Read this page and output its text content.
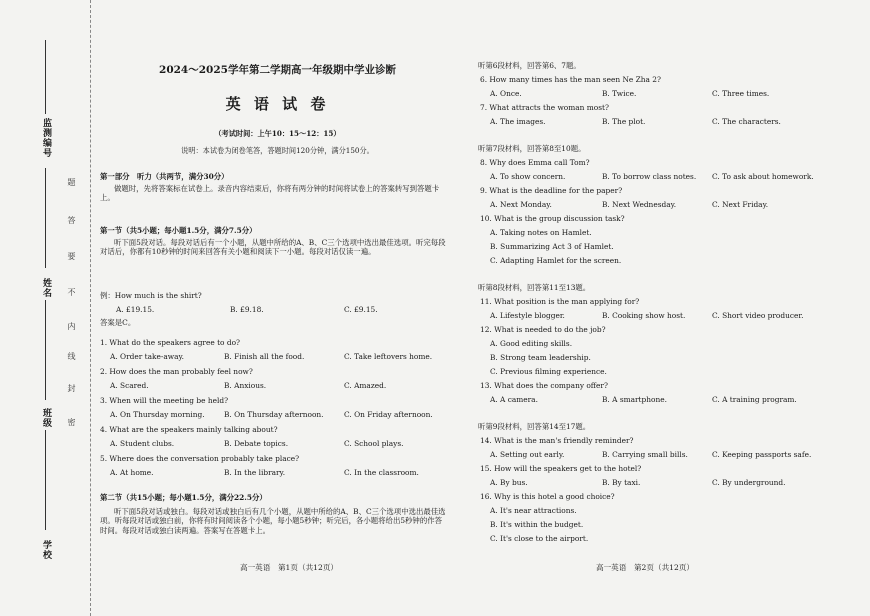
监测编号
姓名
班级
学校
题
答
要
不
内
线
封
密
2024～2025学年第二学期高一年级期中学业诊断
英 语 试 卷
（考试时间：上午10：15～12：15）
说明：本试卷为闭卷笔答，答题时间120分钟，满分150分。
第一部分　听力（共两节，满分30分）
做题时，先将答案标在试卷上。录音内容结束后，你将有两分钟的时间将试卷上的答案转写到答题卡上。
第一节（共5小题；每小题1.5分，满分7.5分）
听下面5段对话。每段对话后有一个小题，从题中所给的A、B、C三个选项中选出最佳选项。听完每段对话后，你都有10秒钟的时间来回答有关小题和阅读下一小题。每段对话仅读一遍。
例：How much is the shirt?
A. £19.15.	B. £9.18.	C. £9.15.
答案是C。
1. What do the speakers agree to do?
A. Order take-away.	B. Finish all the food.	C. Take leftovers home.
2. How does the man probably feel now?
A. Scared.	B. Anxious.	C. Amazed.
3. When will the meeting be held?
A. On Thursday morning.	B. On Thursday afternoon.	C. On Friday afternoon.
4. What are the speakers mainly talking about?
A. Student clubs.	B. Debate topics.	C. School plays.
5. Where does the conversation probably take place?
A. At home.	B. In the library.	C. In the classroom.
第二节（共15小题；每小题1.5分，满分22.5分）
听下面5段对话或独白。每段对话或独白后有几个小题，从题中所给的A、B、C三个选项中选出最佳选项。听每段对话或独白前，你将有时间阅读各个小题，每小题5秒钟；听完后，各小题将给出5秒钟的作答时间。每段对话或独白读两遍。答案写在答题卡上。
高一英语　第1页（共12页）
听第6段材料，回答第6、7题。
6. How many times has the man seen Ne Zha 2?
A. Once.	B. Twice.	C. Three times.
7. What attracts the woman most?
A. The images.	B. The plot.	C. The characters.
听第7段材料，回答第8至10题。
8. Why does Emma call Tom?
A. To show concern.	B. To borrow class notes. C. To ask about homework.
9. What is the deadline for the paper?
A. Next Monday.	B. Next Wednesday.	C. Next Friday.
10. What is the group discussion task?
A. Taking notes on Hamlet.
B. Summarizing Act 3 of Hamlet.
C. Adapting Hamlet for the screen.
听第8段材料，回答第11至13题。
11. What position is the man applying for?
A. Lifestyle blogger.	B. Cooking show host.	C. Short video producer.
12. What is needed to do the job?
A. Good editing skills.
B. Strong team leadership.
C. Previous filming experience.
13. What does the company offer?
A. A camera.	B. A smartphone.	C. A training program.
听第9段材料，回答第14至17题。
14. What is the man's friendly reminder?
A. Setting out early.	B. Carrying small bills.	C. Keeping passports safe.
15. How will the speakers get to the hotel?
A. By bus.	B. By taxi.	C. By underground.
16. Why is this hotel a good choice?
A. It's near attractions.
B. It's within the budget.
C. It's close to the airport.
高一英语　第2页（共12页）
